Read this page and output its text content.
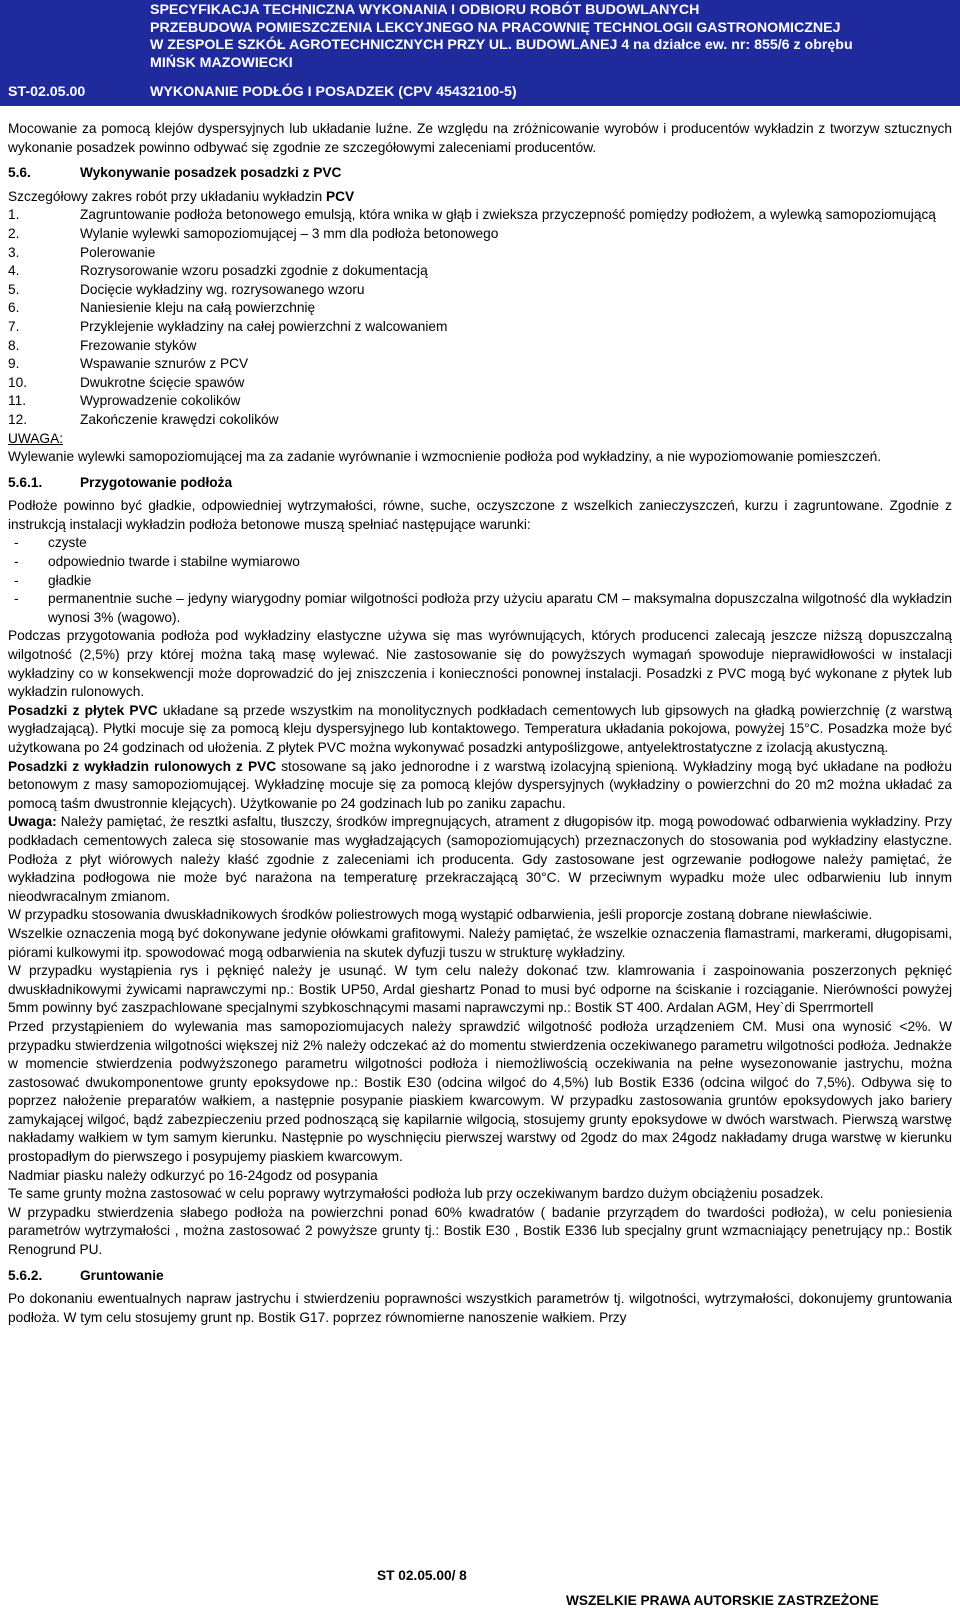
SPECYFIKACJA TECHNICZNA WYKONANIA I ODBIORU ROBÓT BUDOWLANYCH
PRZEBUDOWA POMIESZCZENIA LEKCYJNEGO NA PRACOWNIĘ TECHNOLOGII GASTRONOMICZNEJ
W ZESPOLE SZKÓŁ AGROTECHNICZNYCH PRZY UL. BUDOWLANEJ 4 na działce ew. nr: 855/6 z obrębu
MIŃSK MAZOWIECKI
ST-02.05.00	WYKONANIE PODŁÓG I POSADZEK (CPV 45432100-5)

Mocowanie za pomocą klejów dyspersyjnych lub układanie luźne. Ze względu na zróżnicowanie wyrobów i producentów wykładzin z tworzyw sztucznych wykonanie posadzek powinno odbywać się zgodnie ze szczegółowymi zaleceniami producentów.

5.6.	Wykonywanie posadzek posadzki z PVC

Szczegółowy zakres robót przy układaniu wykładzin PCV

1.	Zagruntowanie podłoża betonowego emulsją, która wnika w głąb i zwieksza przyczepność pomiędzy podłożem, a wylewką samopoziomującą
2.	Wylanie wylewki samopoziomującej – 3 mm dla podłoża betonowego
3.	Polerowanie
4.	Rozrysorowanie wzoru posadzki zgodnie z dokumentacją
5.	Docięcie wykładziny wg. rozrysowanego wzoru
6.	Naniesienie kleju na całą powierzchnię
7.	Przyklejenie wykładziny na całej powierzchni z walcowaniem
8.	Frezowanie styków
9.	Wspawanie sznurów z PCV
10.	Dwukrotne ścięcie spawów
11.	Wyprowadzenie cokolików
12.	Zakończenie krawędzi cokolików
UWAGA:

Wylewanie wylewki samopoziomującej ma za zadanie wyrównanie i wzmocnienie podłoża pod wykładziny, a nie wypoziomowanie pomieszczeń.

5.6.1.	Przygotowanie podłoża

Podłoże powinno być gładkie, odpowiedniej wytrzymałości, równe, suche, oczyszczone z wszelkich zanieczyszczeń, kurzu i zagruntowane. Zgodnie z instrukcją instalacji wykładzin podłoża betonowe muszą spełniać następujące warunki:

-	czyste
-	odpowiednio twarde i stabilne wymiarowo
-	gładkie
-	permanentnie suche – jedyny wiarygodny pomiar wilgotności podłoża przy użyciu aparatu CM – maksymalna dopuszczalna wilgotność dla wykładzin wynosi 3% (wagowo).

Podczas przygotowania podłoża pod wykładziny elastyczne używa się mas wyrównujących, których producenci zalecają jeszcze niższą dopuszczalną wilgotność (2,5%) przy której można taką masę wylewać. Nie zastosowanie się do powyższych wymagań spowoduje nieprawidłowości w instalacji wykładziny co w konsekwencji może doprowadzić do jej zniszczenia i konieczności ponownej instalacji. Posadzki z PVC mogą być wykonane z płytek lub wykładzin rulonowych.

Posadzki z płytek PVC układane są przede wszystkim na monolitycznych podkładach cementowych lub gipsowych na gładką powierzchnię (z warstwą wygładzającą). Płytki mocuje się za pomocą kleju dyspersyjnego lub kontaktowego. Temperatura układania pokojowa, powyżej 15°C. Posadzka może być użytkowana po 24 godzinach od ułożenia. Z płytek PVC można wykonywać posadzki antypoślizgowe, antyelektrostatyczne z izolacją akustyczną.

Posadzki z wykładzin rulonowych z PVC stosowane są jako jednorodne i z warstwą izolacyjną spienioną. Wykładziny mogą być układane na podłożu betonowym z masy samopoziomującej. Wykładzinę mocuje się za pomocą klejów dyspersyjnych (wykładziny o powierzchni do 20 m2 można układać za pomocą taśm dwustronnie klejących). Użytkowanie po 24 godzinach lub po zaniku zapachu.

Uwaga: Należy pamiętać, że resztki asfaltu, tłuszczy, środków impregnujących, atrament z długopisów itp. mogą powodować odbarwienia wykładziny. Przy podkładach cementowych zaleca się stosowanie mas wygładzających (samopoziomujących) przeznaczonych do stosowania pod wykładziny elastyczne. Podłoża z płyt wiórowych należy kłaść zgodnie z zaleceniami ich producenta. Gdy zastosowane jest ogrzewanie podłogowe należy pamiętać, że wykładzina podłogowa nie może być narażona na temperaturę przekraczającą 30°C. W przeciwnym wypadku może ulec odbarwieniu lub innym nieodwracalnym zmianom.

W przypadku stosowania dwuskładnikowych środków poliestrowych mogą wystąpić odbarwienia, jeśli proporcje zostaną dobrane niewłaściwie.

Wszelkie oznaczenia mogą być dokonywane jedynie ołówkami grafitowymi. Należy pamiętać, że wszelkie oznaczenia flamastrami, markerami, długopisami, piórami kulkowymi itp. spowodować mogą odbarwienia na skutek dyfuzji tuszu w strukturę wykładziny.

W przypadku wystąpienia rys i pęknięć należy je usunąć. W tym celu należy dokonać tzw. klamrowania i zaspoinowania poszerzonych pęknięć dwuskładnikowymi żywicami naprawczymi np.: Bostik UP50, Ardal gieshartz Ponad to musi być odporne na ściskanie i rozciąganie. Nierówności powyżej 5mm powinny być zaszpachlowane specjalnymi szybkoschnącymi masami naprawczymi np.: Bostik ST 400. Ardalan AGM, Hey`di Sperrmortell

Przed przystąpieniem do wylewania mas samopoziomujacych należy sprawdzić wilgotność podłoża urządzeniem CM. Musi ona wynosić <2%. W przypadku stwierdzenia wilgotności większej niż 2% należy odczekać aż do momentu stwierdzenia oczekiwanego parametru wilgotności podłoża. Jednakże w momencie stwierdzenia podwyższonego parametru wilgotności podłoża i niemożliwością oczekiwania na pełne wysezonowanie jastrychu, można zastosować dwukomponentowe grunty epoksydowe np.: Bostik E30 (odcina wilgoć do 4,5%) lub Bostik E336 (odcina wilgoć do 7,5%). Odbywa się to poprzez nałożenie preparatów wałkiem, a następnie posypanie piaskiem kwarcowym. W przypadku zastosowania gruntów epoksydowych jako bariery zamykającej wilgoć, bądź zabezpieczeniu przed podnoszącą się kapilarnie wilgocią, stosujemy grunty epoksydowe w dwóch warstwach. Pierwszą warstwę nakładamy wałkiem w tym samym kierunku. Następnie po wyschnięciu pierwszej warstwy od 2godz do max 24godz nakładamy druga warstwę w kierunku prostopadłym do pierwszego i posypujemy piaskiem kwarcowym.

Nadmiar piasku należy odkurzyć po 16-24godz od posypania

Te same grunty można zastosować w celu poprawy wytrzymałości podłoża lub przy oczekiwanym bardzo dużym obciążeniu posadzek.

W przypadku stwierdzenia słabego podłoża na powierzchni ponad 60% kwadratów ( badanie przyrządem do twardości podłoża), w celu poniesienia parametrów wytrzymałości , można zastosować 2 powyższe grunty tj.: Bostik E30 , Bostik E336 lub specjalny grunt wzmacniający penetrujący np.: Bostik Renogrund PU.

5.6.2.	Gruntowanie

Po dokonaniu ewentualnych napraw jastrychu i stwierdzeniu poprawności wszystkich parametrów tj. wilgotności, wytrzymałości, dokonujemy gruntowania podłoża. W tym celu stosujemy grunt np. Bostik G17. poprzez równomierne nanoszenie wałkiem. Przy

ST 02.05.00/ 8
WSZELKIE PRAWA AUTORSKIE ZASTRZEŻONE
